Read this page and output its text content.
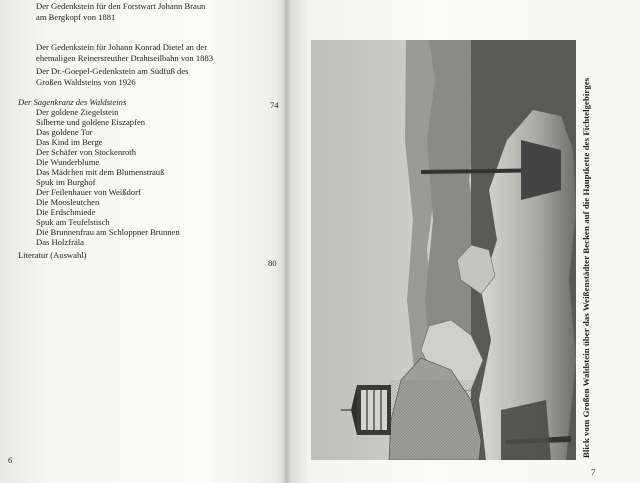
Der Gedenkstein für den Forstwart Johann Braun
am Bergkopf von 1881
Der Gedenkstein für Johann Konrad Dietel an der
ehemaligen Reinersreuther Drahtseilbahn von 1883
Der Dr.-Goepel-Gedenkstein am Südfuß des
Großen Waldsteins von 1926
Der Sagenkranz des Waldsteins	74
Der goldene Ziegelstein
Silberne und goldene Eiszapfen
Das goldene Tor
Das Kind im Berge
Der Schäfer von Stockenroth
Die Wunderblume
Das Mädchen mit dem Blumenstrauß
Spuk im Burghof
Der Feilenhauer von Weißdorf
Die Moosleutchen
Die Erdschmiede
Spuk am Teufelstisch
Die Brunnenfrau am Schloppner Brunnen
Das Holzfräla
Literatur (Auswahl)
80
6
Blick vom Großen Waldstein über das Weißenstädter Becken auf die Hauptkette des Fichtelgebirges
7
